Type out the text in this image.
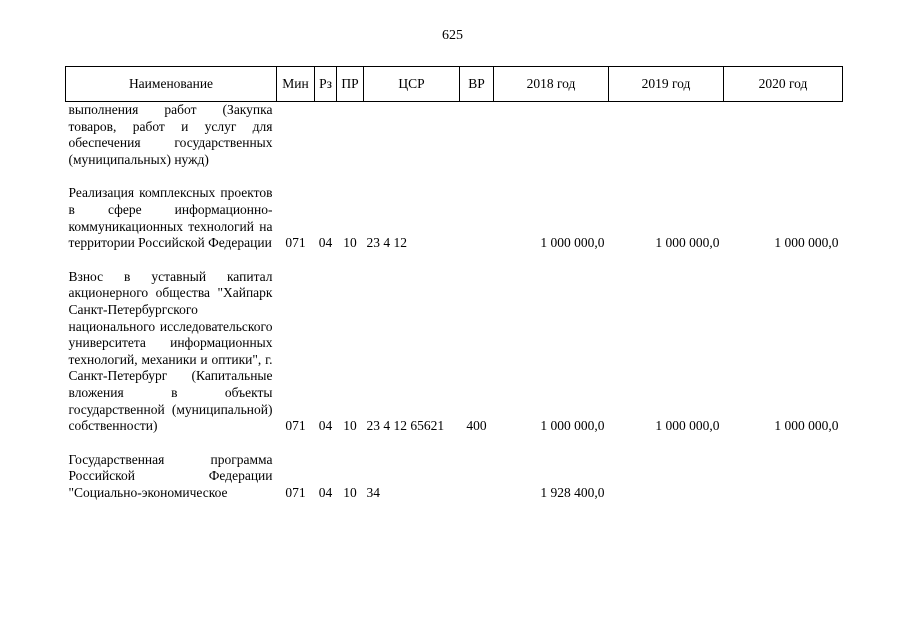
625
Наименование	Мин	Рз	ПР	ЦСР	ВР	2018 год	2019 год	2020 год
выполнения работ (Закупка товаров, работ и услуг для обеспечения государственных (муниципальных) нужд)								

Реализация комплексных проектов в сфере информационно-коммуникационных технологий на территории Российской Федерации	071	04	10	23 4 12		1 000 000,0	1 000 000,0	1 000 000,0

Взнос в уставный капитал акционерного общества "Хайпарк Санкт-Петербургского национального исследовательского университета информационных технологий, механики и оптики", г. Санкт-Петербург (Капитальные вложения в объекты государственной (муниципальной) собственности)	071	04	10	23 4 12 65621	400	1 000 000,0	1 000 000,0	1 000 000,0

Государственная программа Российской Федерации "Социально-экономическое	071	04	10	34		1 928 400,0		
